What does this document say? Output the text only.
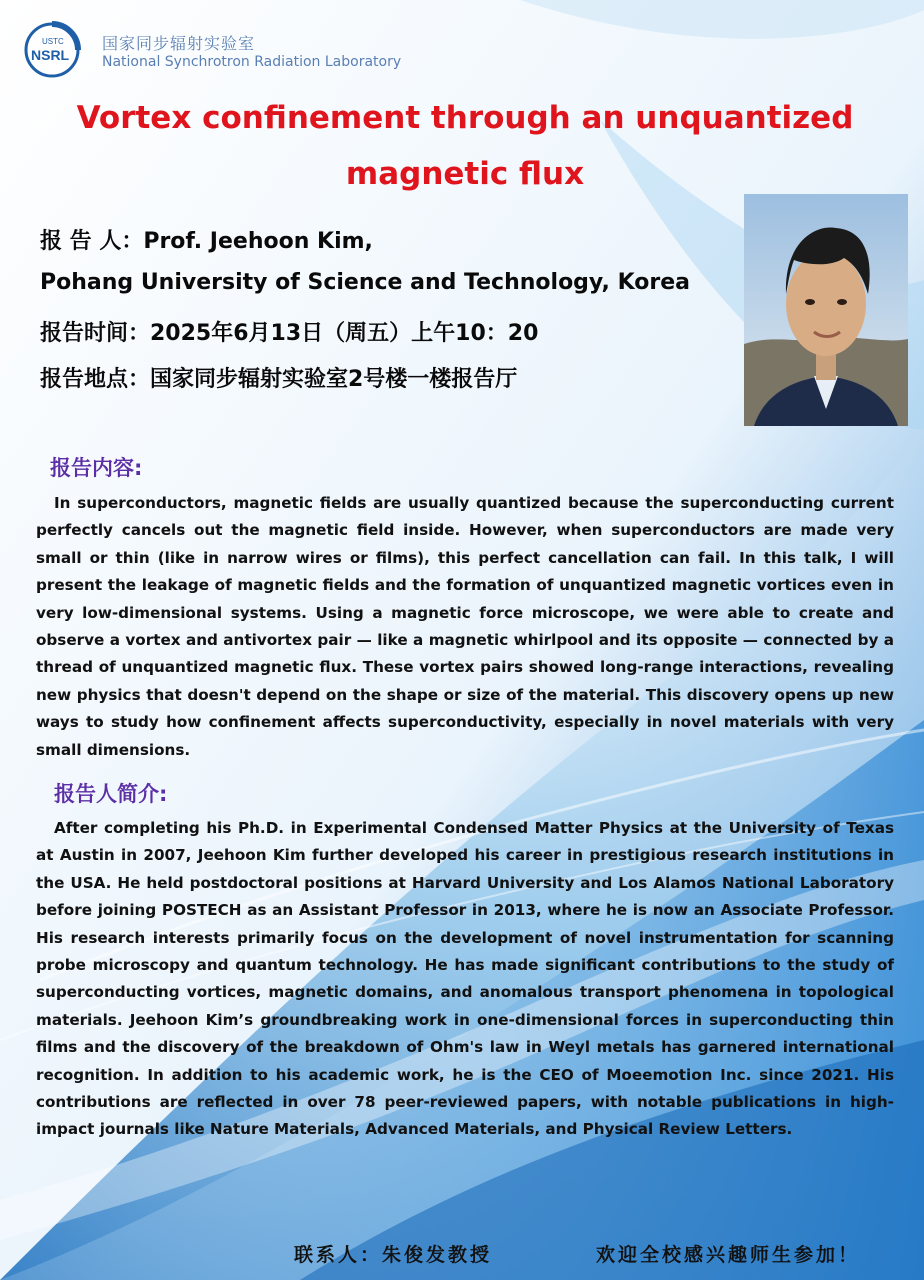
USTC
NSRL
国家同步辐射实验室
National Synchrotron Radiation Laboratory
Vortex confinement through an unquantized
magnetic flux
报 告 人：Prof. Jeehoon Kim,
Pohang University of Science and Technology, Korea
报告时间：2025年6月13日（周五）上午10：20
报告地点：国家同步辐射实验室2号楼一楼报告厅
报告内容:
In superconductors, magnetic fields are usually quantized because the superconducting current perfectly cancels out the magnetic field inside. However, when superconductors are made very small or thin (like in narrow wires or films), this perfect cancellation can fail. In this talk, I will present the leakage of magnetic fields and the formation of unquantized magnetic vortices even in very low-dimensional systems. Using a magnetic force microscope, we were able to create and observe a vortex and antivortex pair — like a magnetic whirlpool and its opposite — connected by a thread of unquantized magnetic flux. These vortex pairs showed long-range interactions, revealing new physics that doesn't depend on the shape or size of the material. This discovery opens up new ways to study how confinement affects superconductivity, especially in novel materials with very small dimensions.
报告人简介:
After completing his Ph.D. in Experimental Condensed Matter Physics at the University of Texas at Austin in 2007, Jeehoon Kim further developed his career in prestigious research institutions in the USA. He held postdoctoral positions at Harvard University and Los Alamos National Laboratory before joining POSTECH as an Assistant Professor in 2013, where he is now an Associate Professor. His research interests primarily focus on the development of novel instrumentation for scanning probe microscopy and quantum technology. He has made significant contributions to the study of superconducting vortices, magnetic domains, and anomalous transport phenomena in topological materials. Jeehoon Kim’s groundbreaking work in one-dimensional forces in superconducting thin films and the discovery of the breakdown of Ohm's law in Weyl metals has garnered international recognition. In addition to his academic work, he is the CEO of Moeemotion Inc. since 2021. His contributions are reflected in over 78 peer-reviewed papers, with notable publications in high-impact journals like Nature Materials, Advanced Materials, and Physical Review Letters.
联系人：朱俊发教授	欢迎全校感兴趣师生参加！
